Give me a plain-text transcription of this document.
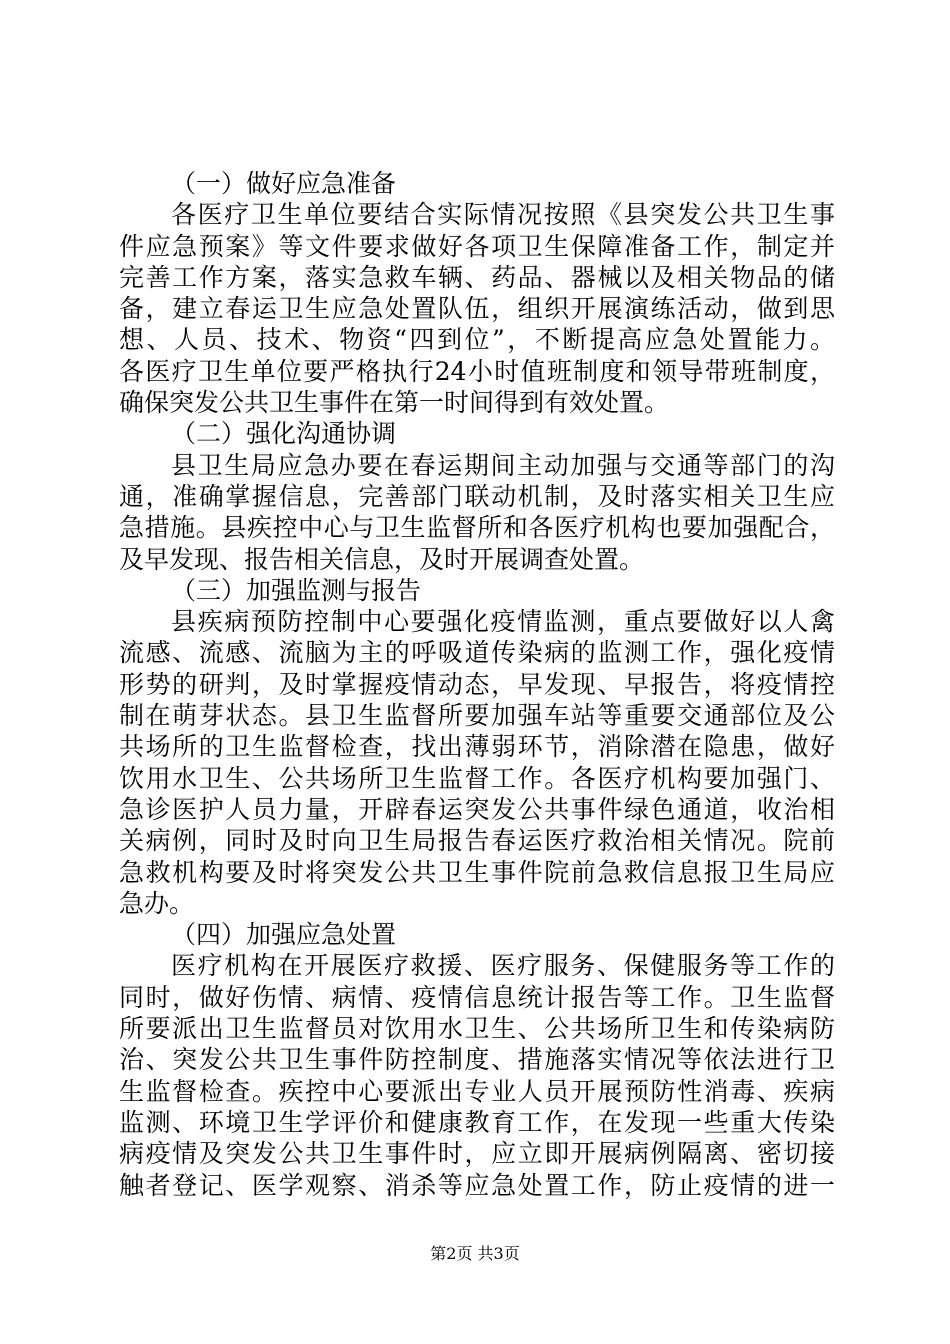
（一）做好应急准备
各医疗卫生单位要结合实际情况按照《县突发公共卫生事
件应急预案》等文件要求做好各项卫生保障准备工作，制定并
完善工作方案，落实急救车辆、药品、器械以及相关物品的储
备，建立春运卫生应急处置队伍，组织开展演练活动，做到思
想、人员、技术、物资“四到位”，不断提高应急处置能力。
各医疗卫生单位要严格执行24小时值班制度和领导带班制度，
确保突发公共卫生事件在第一时间得到有效处置。
（二）强化沟通协调
县卫生局应急办要在春运期间主动加强与交通等部门的沟
通，准确掌握信息，完善部门联动机制，及时落实相关卫生应
急措施。县疾控中心与卫生监督所和各医疗机构也要加强配合，
及早发现、报告相关信息，及时开展调查处置。
（三）加强监测与报告
县疾病预防控制中心要强化疫情监测，重点要做好以人禽
流感、流感、流脑为主的呼吸道传染病的监测工作，强化疫情
形势的研判，及时掌握疫情动态，早发现、早报告，将疫情控
制在萌芽状态。县卫生监督所要加强车站等重要交通部位及公
共场所的卫生监督检查，找出薄弱环节，消除潜在隐患，做好
饮用水卫生、公共场所卫生监督工作。各医疗机构要加强门、
急诊医护人员力量，开辟春运突发公共事件绿色通道，收治相
关病例，同时及时向卫生局报告春运医疗救治相关情况。院前
急救机构要及时将突发公共卫生事件院前急救信息报卫生局应
急办。
（四）加强应急处置
医疗机构在开展医疗救援、医疗服务、保健服务等工作的
同时，做好伤情、病情、疫情信息统计报告等工作。卫生监督
所要派出卫生监督员对饮用水卫生、公共场所卫生和传染病防
治、突发公共卫生事件防控制度、措施落实情况等依法进行卫
生监督检查。疾控中心要派出专业人员开展预防性消毒、疾病
监测、环境卫生学评价和健康教育工作，在发现一些重大传染
病疫情及突发公共卫生事件时，应立即开展病例隔离、密切接
触者登记、医学观察、消杀等应急处置工作，防止疫情的进一
第2页 共3页
